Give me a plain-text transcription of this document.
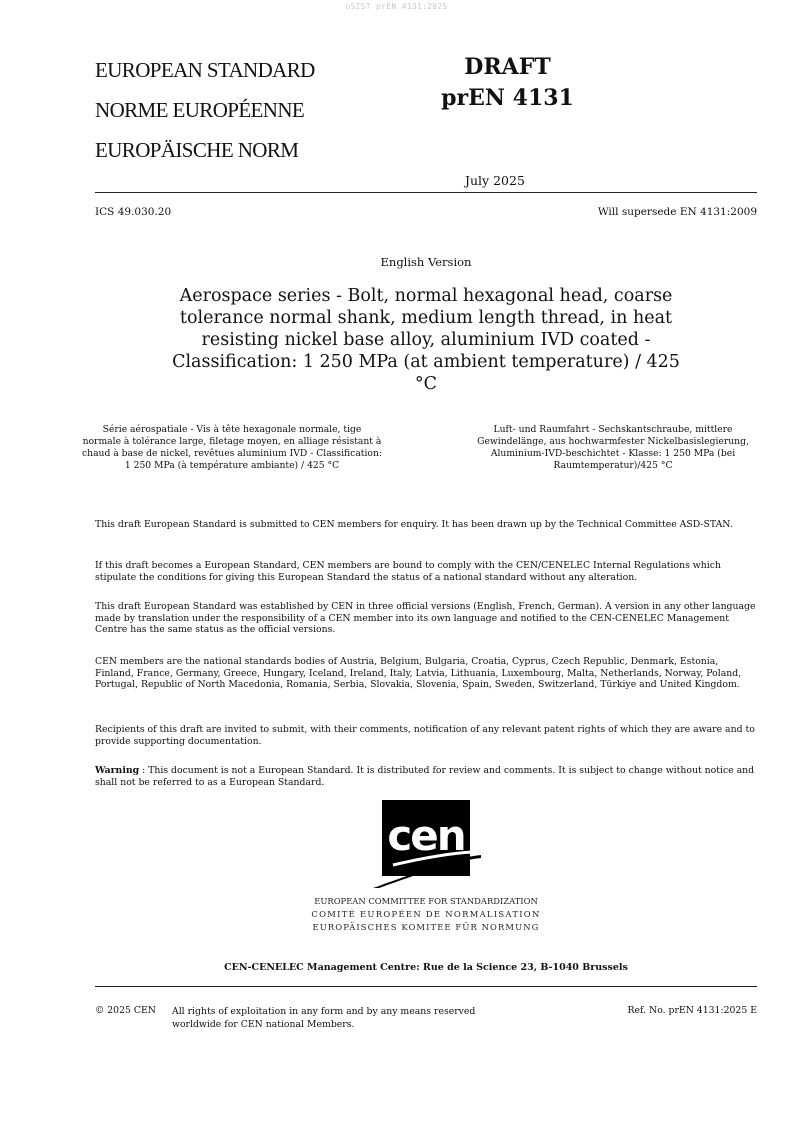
oSIST prEN 4131:2025
EUROPEAN STANDARD
NORME EUROPÉENNE
EUROPÄISCHE NORM
DRAFT
prEN 4131
July 2025
ICS 49.030.20	Will supersede EN 4131:2009
English Version
Aerospace series - Bolt, normal hexagonal head, coarse tolerance normal shank, medium length thread, in heat resisting nickel base alloy, aluminium IVD coated - Classification: 1 250 MPa (at ambient temperature) / 425 °C
Série aérospatiale - Vis à tête hexagonale normale, tige normale à tolérance large, filetage moyen, en alliage résistant à chaud à base de nickel, revêtues aluminium IVD - Classification: 1 250 MPa (à température ambiante) / 425 °C
Luft- und Raumfahrt - Sechskantschraube, mittlere Gewindelänge, aus hochwarmfester Nickelbasislegierung, Aluminium-IVD-beschichtet - Klasse: 1 250 MPa (bei Raumtemperatur)/425 °C
This draft European Standard is submitted to CEN members for enquiry. It has been drawn up by the Technical Committee ASD-STAN.
If this draft becomes a European Standard, CEN members are bound to comply with the CEN/CENELEC Internal Regulations which stipulate the conditions for giving this European Standard the status of a national standard without any alteration.
This draft European Standard was established by CEN in three official versions (English, French, German). A version in any other language made by translation under the responsibility of a CEN member into its own language and notified to the CEN-CENELEC Management Centre has the same status as the official versions.
CEN members are the national standards bodies of Austria, Belgium, Bulgaria, Croatia, Cyprus, Czech Republic, Denmark, Estonia, Finland, France, Germany, Greece, Hungary, Iceland, Ireland, Italy, Latvia, Lithuania, Luxembourg, Malta, Netherlands, Norway, Poland, Portugal, Republic of North Macedonia, Romania, Serbia, Slovakia, Slovenia, Spain, Sweden, Switzerland, Türkiye and United Kingdom.
Recipients of this draft are invited to submit, with their comments, notification of any relevant patent rights of which they are aware and to provide supporting documentation.
Warning : This document is not a European Standard. It is distributed for review and comments. It is subject to change without notice and shall not be referred to as a European Standard.
cen
EUROPEAN COMMITTEE FOR STANDARDIZATION
COMITÉ EUROPÉEN DE NORMALISATION
EUROPÄISCHES KOMITEE FÜR NORMUNG
CEN-CENELEC Management Centre: Rue de la Science 23, B-1040 Brussels
© 2025 CEN All rights of exploitation in any form and by any means reserved worldwide for CEN national Members.
Ref. No. prEN 4131:2025 E
